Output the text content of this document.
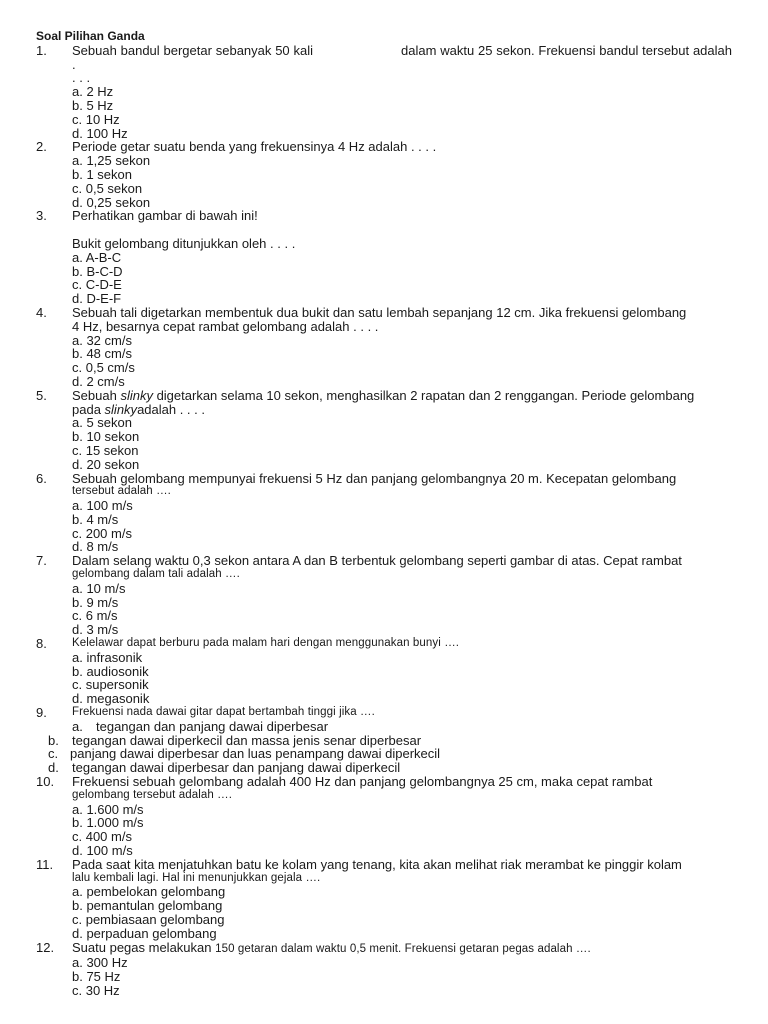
Soal Pilihan Ganda
1.	Sebuah bandul bergetar sebanyak 50 kali	dalam waktu 25 sekon. Frekuensi bandul tersebut adalah .
. . .
a. 2 Hz
b. 5 Hz
c. 10 Hz
d. 100 Hz
2.	Periode getar suatu benda yang frekuensinya 4 Hz adalah . . . .
a. 1,25 sekon
b. 1 sekon
c. 0,5 sekon
d. 0,25 sekon
3.	Perhatikan gambar di bawah ini!
Bukit gelombang ditunjukkan oleh . . . .
a. A-B-C
b. B-C-D
c. C-D-E
d. D-E-F
4.	Sebuah tali digetarkan membentuk dua bukit dan satu lembah sepanjang 12 cm. Jika frekuensi gelombang
4 Hz, besarnya cepat rambat gelombang adalah . . . .
a. 32 cm/s
b. 48 cm/s
c. 0,5 cm/s
d. 2 cm/s
5.	Sebuah slinky digetarkan selama 10 sekon, menghasilkan 2 rapatan dan 2 renggangan. Periode gelombang
pada slinkyadalah . . . .
a. 5 sekon
b. 10 sekon
c. 15 sekon
d. 20 sekon
6.	Sebuah gelombang mempunyai frekuensi 5 Hz dan panjang gelombangnya 20 m. Kecepatan gelombang
tersebut adalah ….
a. 100 m/s
b. 4 m/s
c. 200 m/s
d. 8 m/s
7.	Dalam selang waktu 0,3 sekon antara A dan B terbentuk gelombang seperti gambar di atas. Cepat rambat
gelombang dalam tali adalah ….
a. 10 m/s
b. 9 m/s
c. 6 m/s
d. 3 m/s
8.	Kelelawar dapat berburu pada malam hari dengan menggunakan bunyi ….
a. infrasonik
b. audiosonik
c. supersonik
d. megasonik
9.	Frekuensi nada dawai gitar dapat bertambah tinggi jika ….
a.	tegangan dan panjang dawai diperbesar
b.	tegangan dawai diperkecil dan massa jenis senar diperbesar
c. panjang dawai diperbesar dan luas penampang dawai diperkecil
d.	tegangan dawai diperbesar dan panjang dawai diperkecil
10.	Frekuensi sebuah gelombang adalah 400 Hz dan panjang gelombangnya 25 cm, maka cepat rambat
gelombang tersebut adalah ….
a. 1.600 m/s
b. 1.000 m/s
c. 400 m/s
d. 100 m/s
11.	Pada saat kita menjatuhkan batu ke kolam yang tenang, kita akan melihat riak merambat ke pinggir kolam
lalu kembali lagi. Hal ini menunjukkan gejala ….
a. pembelokan gelombang
b. pemantulan gelombang
c. pembiasaan gelombang
d. perpaduan gelombang
12.	Suatu pegas melakukan 150 getaran dalam waktu 0,5 menit. Frekuensi getaran pegas adalah ….
a. 300 Hz
b. 75 Hz
c. 30 Hz
